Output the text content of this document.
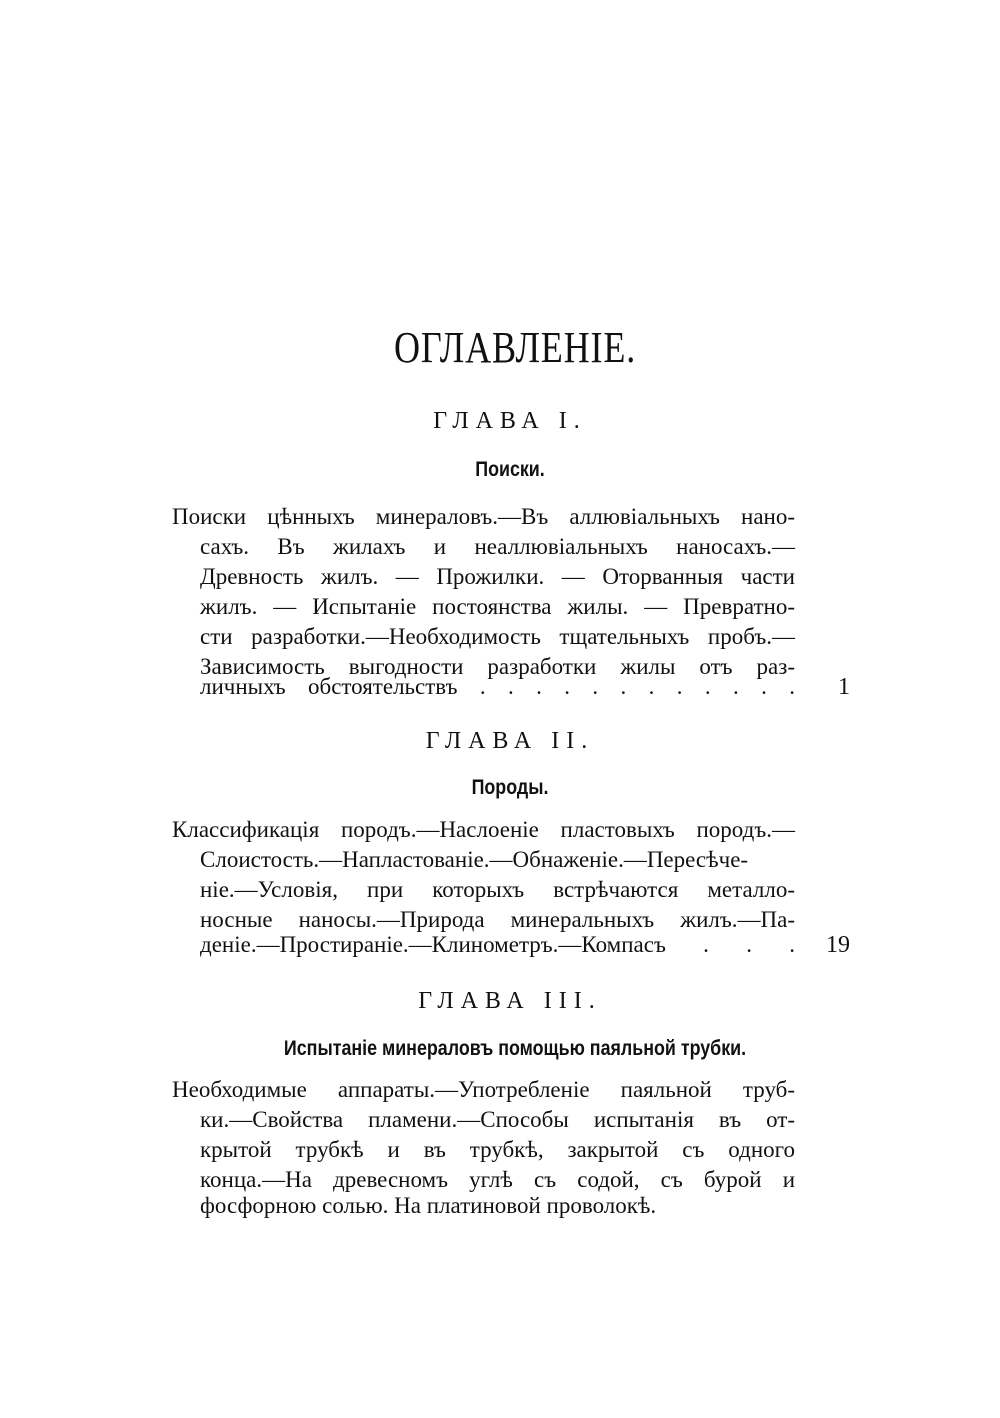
ОГЛАВЛЕНІЕ.
ГЛАВА I.
Поиски.
Поиски цѣнныхъ минераловъ.—Въ аллювіальныхъ нано-
сахъ. Въ жилахъ и неаллювіальныхъ наносахъ.—
Древность жилъ. — Прожилки. — Оторванныя части
жилъ. — Испытаніе постоянства жилы. — Превратно-
сти разработки.—Необходимость тщательныхъ пробъ.—
Зависимость выгодности разработки жилы отъ раз-
личныхъ обстоятельствъ . . . . . . . . . . . .	1
ГЛАВА II.
Породы.
Классификація породъ.—Наслоеніе пластовыхъ породъ.—
Слоистость.—Напластованіе.—Обнаженіе.—Пересѣче-
ніе.—Условія, при которыхъ встрѣчаются металло-
носные наносы.—Природа минеральныхъ жилъ.—Па-
деніе.—Простираніе.—Клинометръ.—Компасъ . . .	19
ГЛАВА III.
Испытаніе минераловъ помощью паяльной трубки.
Необходимые аппараты.—Употребленіе паяльной труб-
ки.—Свойства пламени.—Способы испытанія въ от-
крытой трубкѣ и въ трубкѣ, закрытой съ одного
конца.—На древесномъ углѣ съ содой, съ бурой и
фосфорною солью. На платиновой проволокѣ.
